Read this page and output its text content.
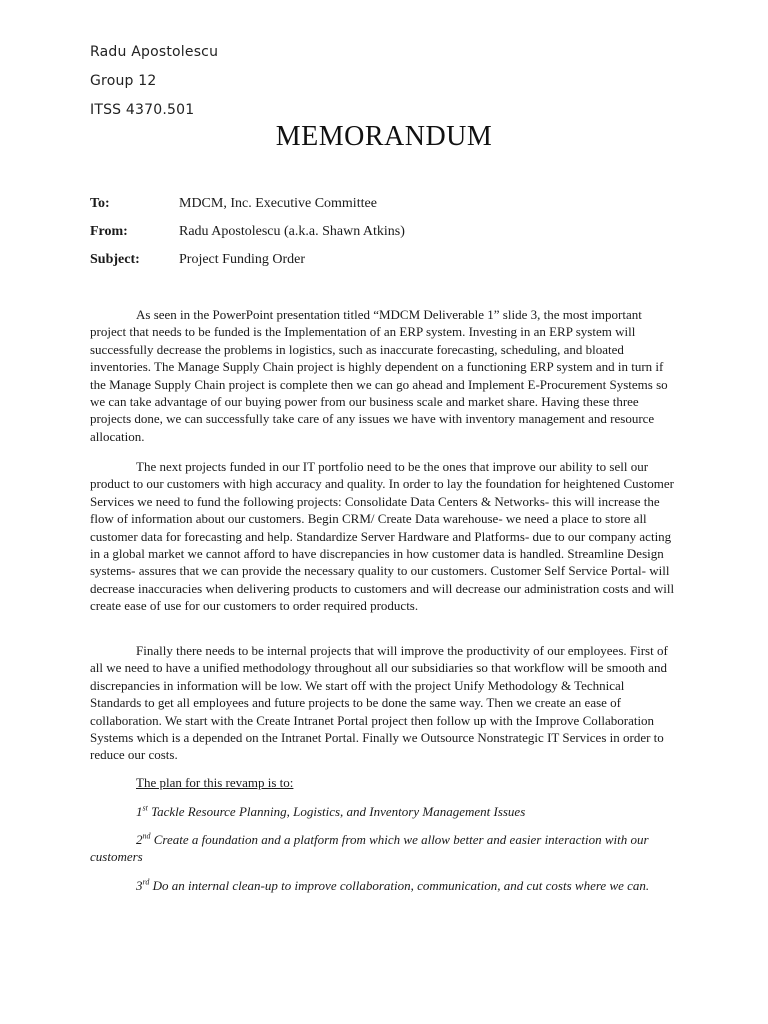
Radu Apostolescu
Group 12
ITSS 4370.501
MEMORANDUM
To:	MDCM, Inc. Executive Committee
From:	Radu Apostolescu (a.k.a. Shawn Atkins)
Subject:	Project Funding Order

As seen in the PowerPoint presentation titled “MDCM Deliverable 1” slide 3, the most important project that needs to be funded is the Implementation of an ERP system. Investing in an ERP system will successfully decrease the problems in logistics, such as inaccurate forecasting, scheduling, and bloated inventories. The Manage Supply Chain project is highly dependent on a functioning ERP system and in turn if the Manage Supply Chain project is complete then we can go ahead and Implement E-Procurement Systems so we can take advantage of our buying power from our business scale and market share. Having these three projects done, we can successfully take care of any issues we have with inventory management and resource allocation.

The next projects funded in our IT portfolio need to be the ones that improve our ability to sell our product to our customers with high accuracy and quality. In order to lay the foundation for heightened Customer Services we need to fund the following projects: Consolidate Data Centers & Networks- this will increase the flow of information about our customers. Begin CRM/ Create Data warehouse- we need a place to store all customer data for forecasting and help. Standardize Server Hardware and Platforms- due to our company acting in a global market we cannot afford to have discrepancies in how customer data is handled. Streamline Design systems- assures that we can provide the necessary quality to our customers. Customer Self Service Portal- will decrease inaccuracies when delivering products to customers and will decrease our administration costs and will create ease of use for our customers to order required products.

Finally there needs to be internal projects that will improve the productivity of our employees. First of all we need to have a unified methodology throughout all our subsidiaries so that workflow will be smooth and discrepancies in information will be low. We start off with the project Unify Methodology & Technical Standards to get all employees and future projects to be done the same way. Then we create an ease of collaboration. We start with the Create Intranet Portal project then follow up with the Improve Collaboration Systems which is a depended on the Intranet Portal. Finally we Outsource Nonstrategic IT Services in order to reduce our costs.

The plan for this revamp is to:

1st Tackle Resource Planning, Logistics, and Inventory Management Issues

2nd Create a foundation and a platform from which we allow better and easier interaction with our customers

3rd Do an internal clean-up to improve collaboration, communication, and cut costs where we can.
